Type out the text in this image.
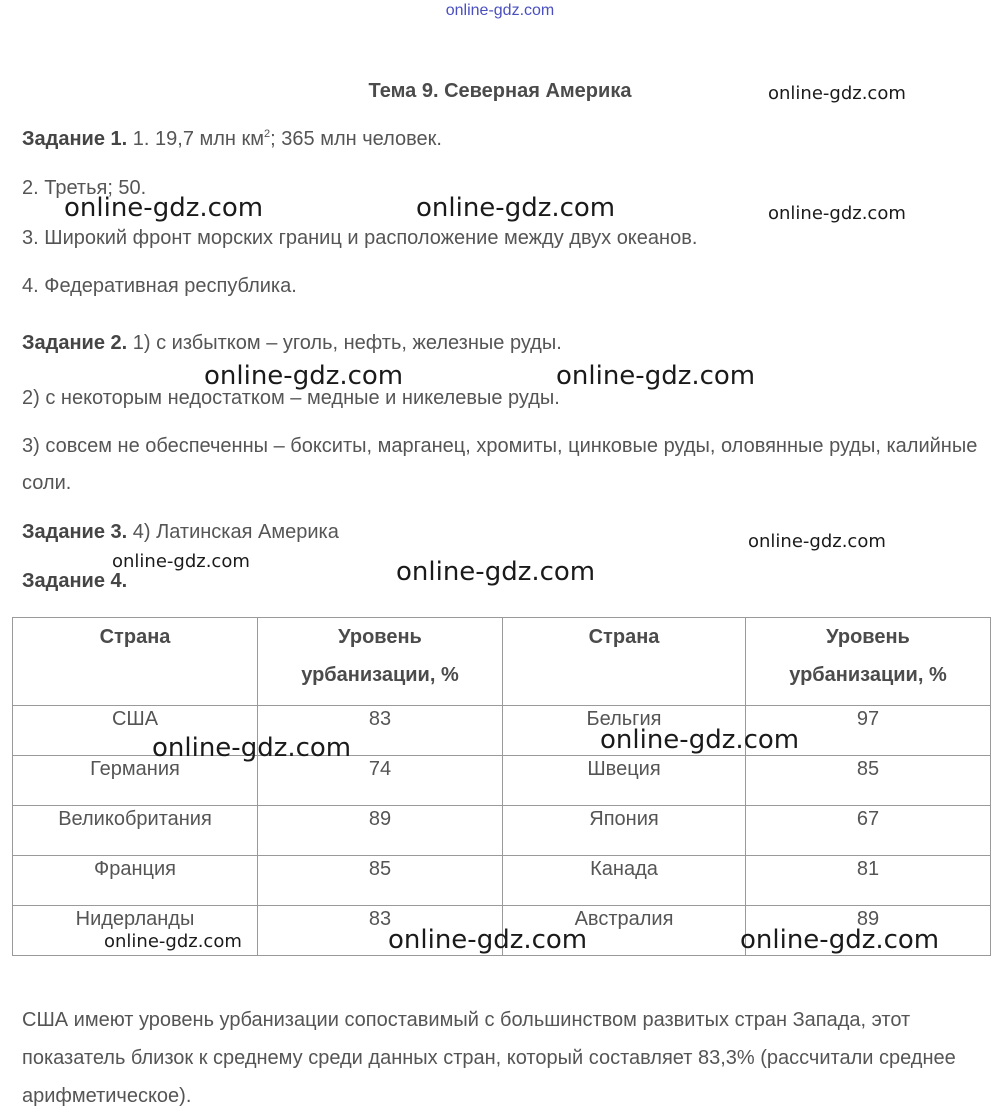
online-gdz.com
Тема 9. Северная Америка
Задание 1. 1. 19,7 млн $км^2$; 365 млн человек.
2. Третья; 50.
3. Широкий фронт морских границ и расположение между двух океанов.
4. Федеративная республика.
Задание 2. 1) с избытком – уголь, нефть, железные руды.
2) с некоторым недостатком – медные и никелевые руды.
3) совсем не обеспеченны – бокситы, марганец, хромиты, цинковые руды, оловянные руды, калийные соли.
Задание 3. 4) Латинская Америка
Задание 4.
Страна	Уровень урбанизации, %	Страна	Уровень урбанизации, %

США	83	Бельгия	97
Германия	74	Швеция	85
Великобритания	89	Япония	67
Франция	85	Канада	81
Нидерланды	83	Австралия	89
США имеют уровень урбанизации сопоставимый с большинством развитых стран Запада, этот показатель близок к среднему среди данных стран, который составляет 83,3% (рассчитали среднее арифметическое).
online-gdz.com
online-gdz.com	online-gdz.com	online-gdz.com
online-gdz.com	online-gdz.com
online-gdz.com
online-gdz.com	online-gdz.com
online-gdz.com	online-gdz.com
online-gdz.com	online-gdz.com	online-gdz.com
